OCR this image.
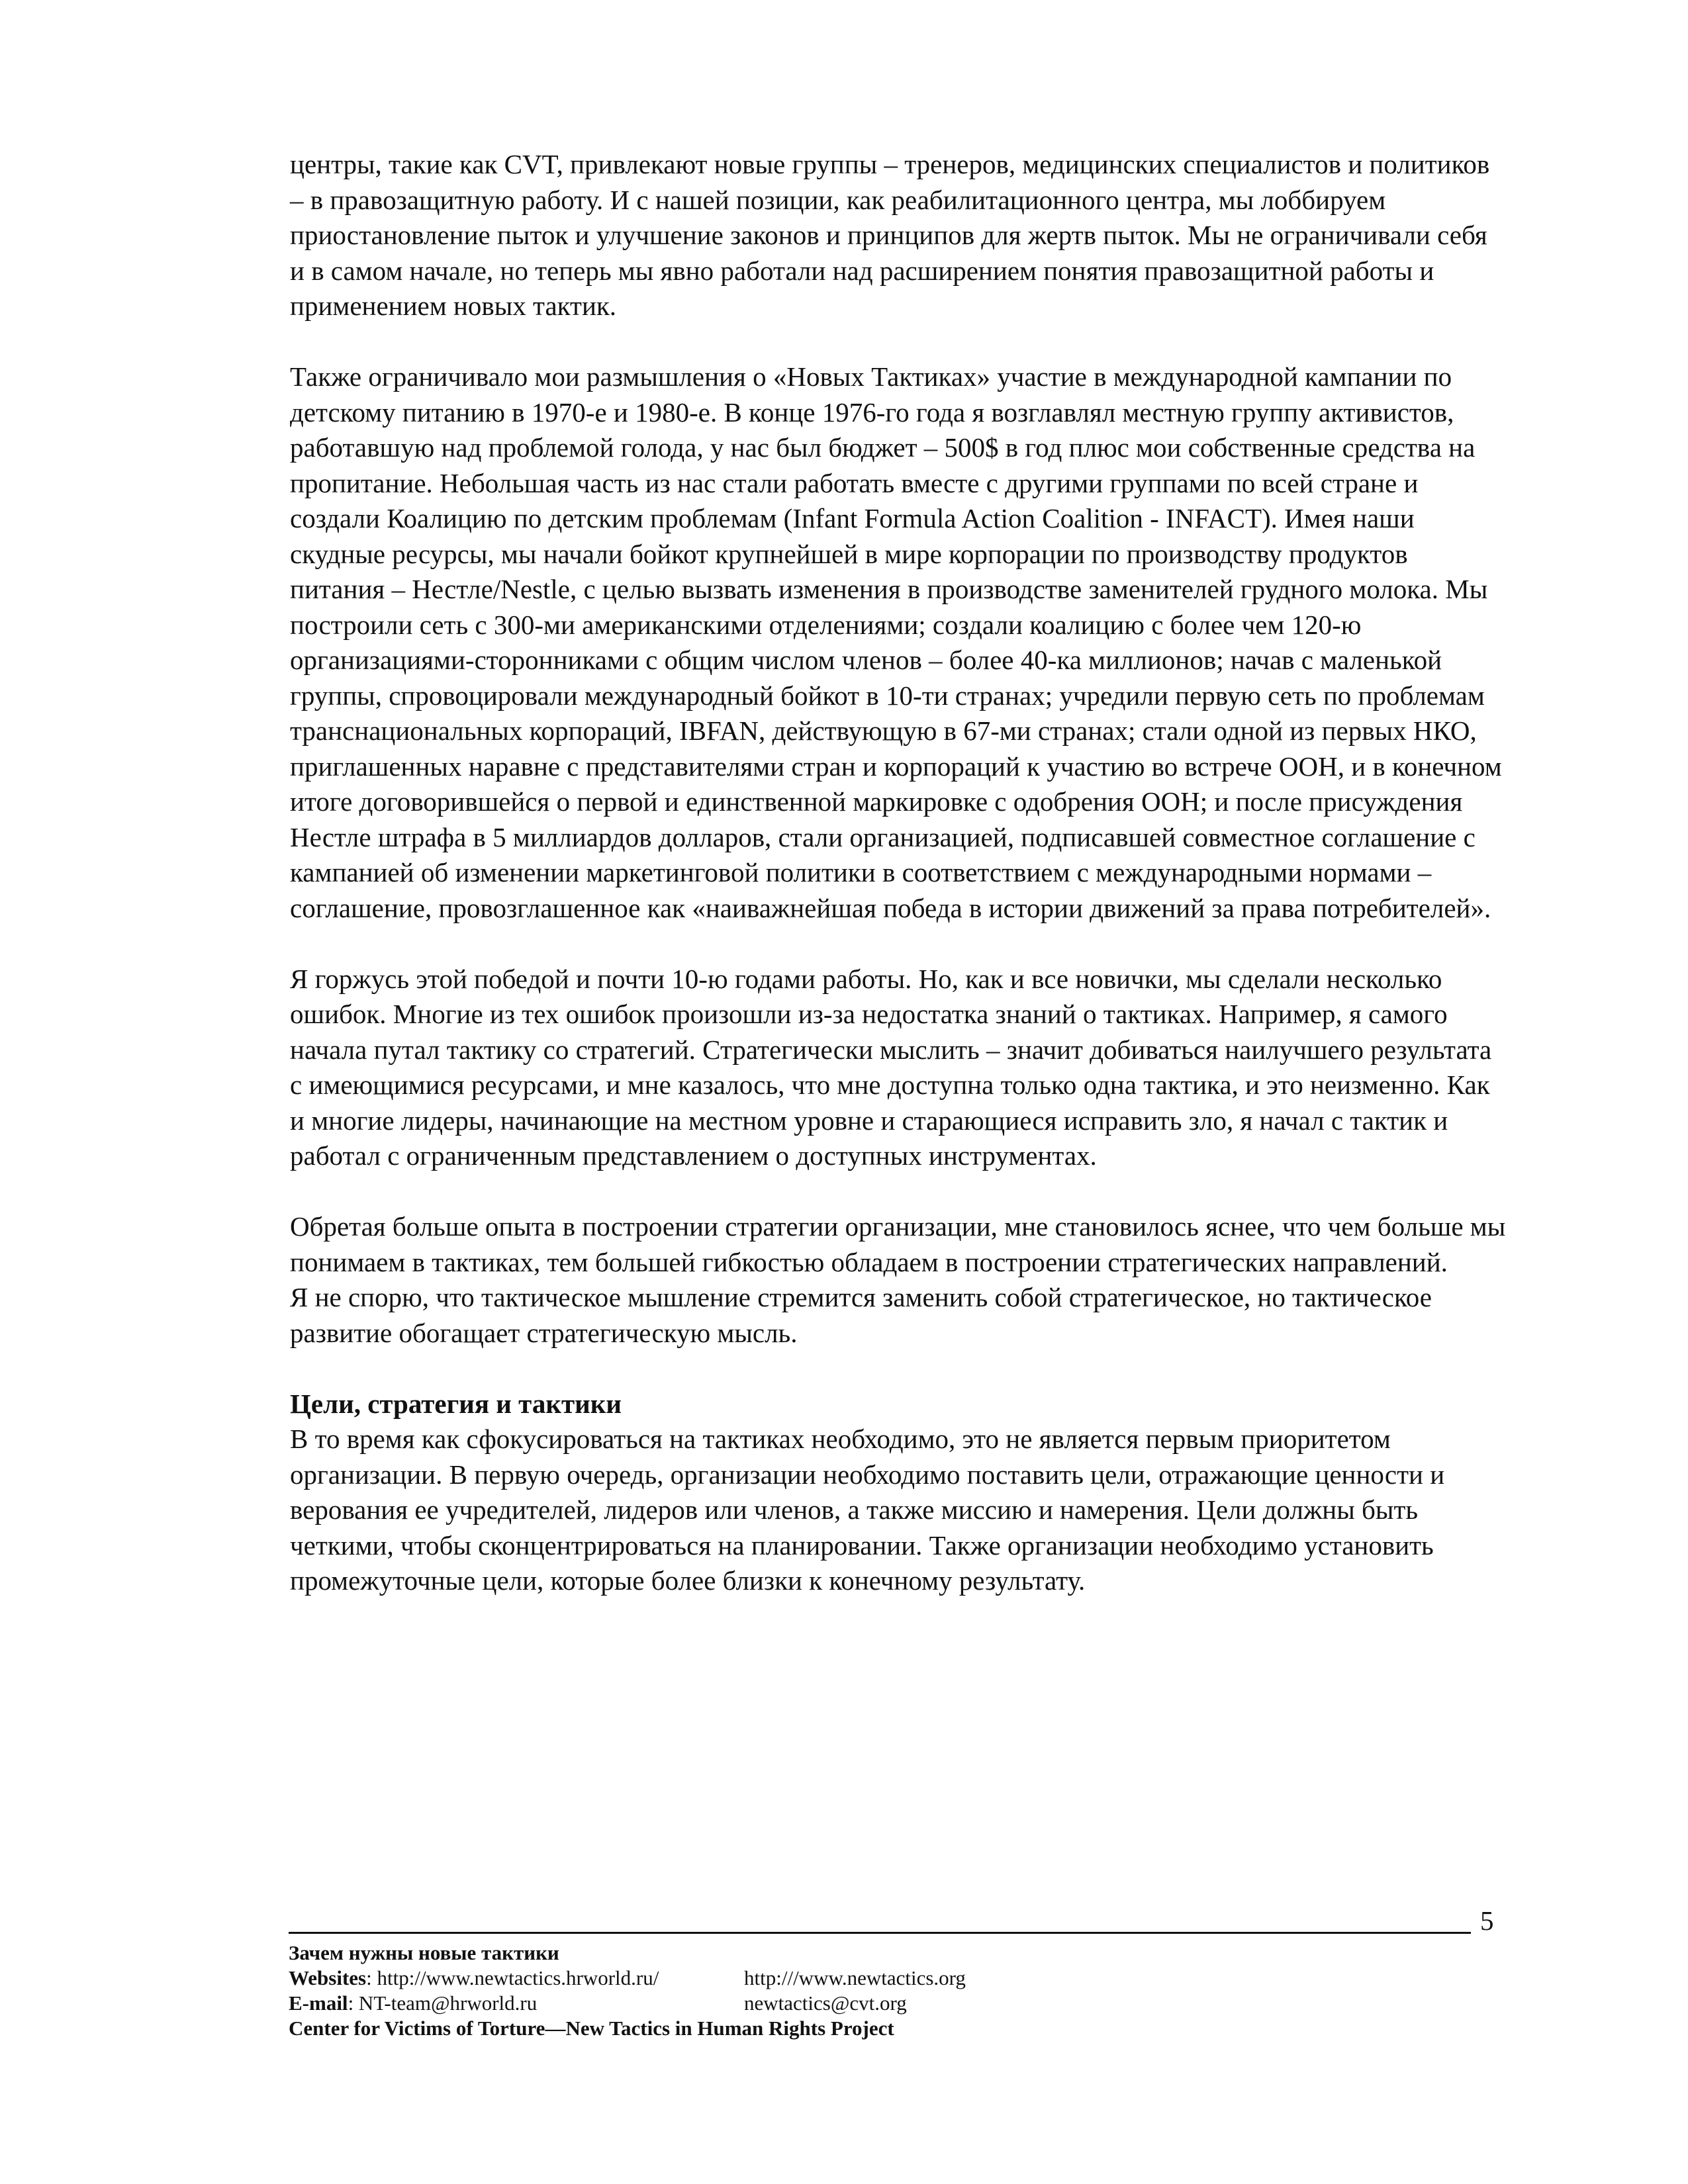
центры, такие как CVT, привлекают новые группы – тренеров, медицинских специалистов и политиков – в правозащитную работу. И с нашей позиции, как реабилитационного центра, мы лоббируем приостановление пыток и улучшение законов и принципов для жертв пыток. Мы не ограничивали себя и в самом начале, но теперь мы явно работали над расширением понятия правозащитной работы и применением новых тактик.

Также ограничивало мои размышления о «Новых Тактиках» участие в международной кампании по детскому питанию в 1970-е и 1980-е. В конце 1976-го года я возглавлял местную группу активистов, работавшую над проблемой голода, у нас был бюджет – 500$ в год плюс мои собственные средства на пропитание. Небольшая часть из нас стали работать вместе с другими группами по всей стране и создали Коалицию по детским проблемам (Infant Formula Action Coalition - INFACT). Имея наши скудные ресурсы, мы начали бойкот крупнейшей в мире корпорации по производству продуктов питания – Нестле/Nestle, с целью вызвать изменения в производстве заменителей грудного молока. Мы построили сеть с 300-ми американскими отделениями; создали коалицию с более чем 120-ю организациями-сторонниками с общим числом членов – более 40-ка миллионов; начав с маленькой группы, спровоцировали международный бойкот в 10-ти странах; учредили первую сеть по проблемам транснациональных корпораций, IBFAN, действующую в 67-ми странах; стали одной из первых НКО, приглашенных наравне с представителями стран и корпораций к участию во встрече ООН, и в конечном итоге договорившейся о первой и единственной маркировке с одобрения ООН; и после присуждения Нестле штрафа в 5 миллиардов долларов, стали организацией, подписавшей совместное соглашение с кампанией об изменении маркетинговой политики в соответствием с международными нормами – соглашение, провозглашенное как «наиважнейшая победа в истории движений за права потребителей».

Я горжусь этой победой и почти 10-ю годами работы. Но, как и все новички, мы сделали несколько ошибок. Многие из тех ошибок произошли из-за недостатка знаний о тактиках. Например, я самого начала путал тактику со стратегий. Стратегически мыслить – значит добиваться наилучшего результата с имеющимися ресурсами, и мне казалось, что мне доступна только одна тактика, и это неизменно. Как и многие лидеры, начинающие на местном уровне и старающиеся исправить зло, я начал с тактик и работал с ограниченным представлением о доступных инструментах.

Обретая больше опыта в построении стратегии организации, мне становилось яснее, что чем больше мы понимаем в тактиках, тем большей гибкостью обладаем в построении стратегических направлений.

Я не спорю, что тактическое мышление стремится заменить собой стратегическое, но тактическое развитие обогащает стратегическую мысль.

Цели, стратегия и тактики

В то время как сфокусироваться на тактиках необходимо, это не является первым приоритетом организации. В первую очередь, организации необходимо поставить цели, отражающие ценности и верования ее учредителей, лидеров или членов, а также миссию и намерения. Цели должны быть четкими, чтобы сконцентрироваться на планировании. Также организации необходимо установить промежуточные цели, которые более близки к конечному результату.

5
Зачем нужны новые тактики
Websites: http://www.newtactics.hrworld.ru/	http:///www.newtactics.org
E-mail: NT-team@hrworld.ru	newtactics@cvt.org
Center for Victims of Torture—New Tactics in Human Rights Project
